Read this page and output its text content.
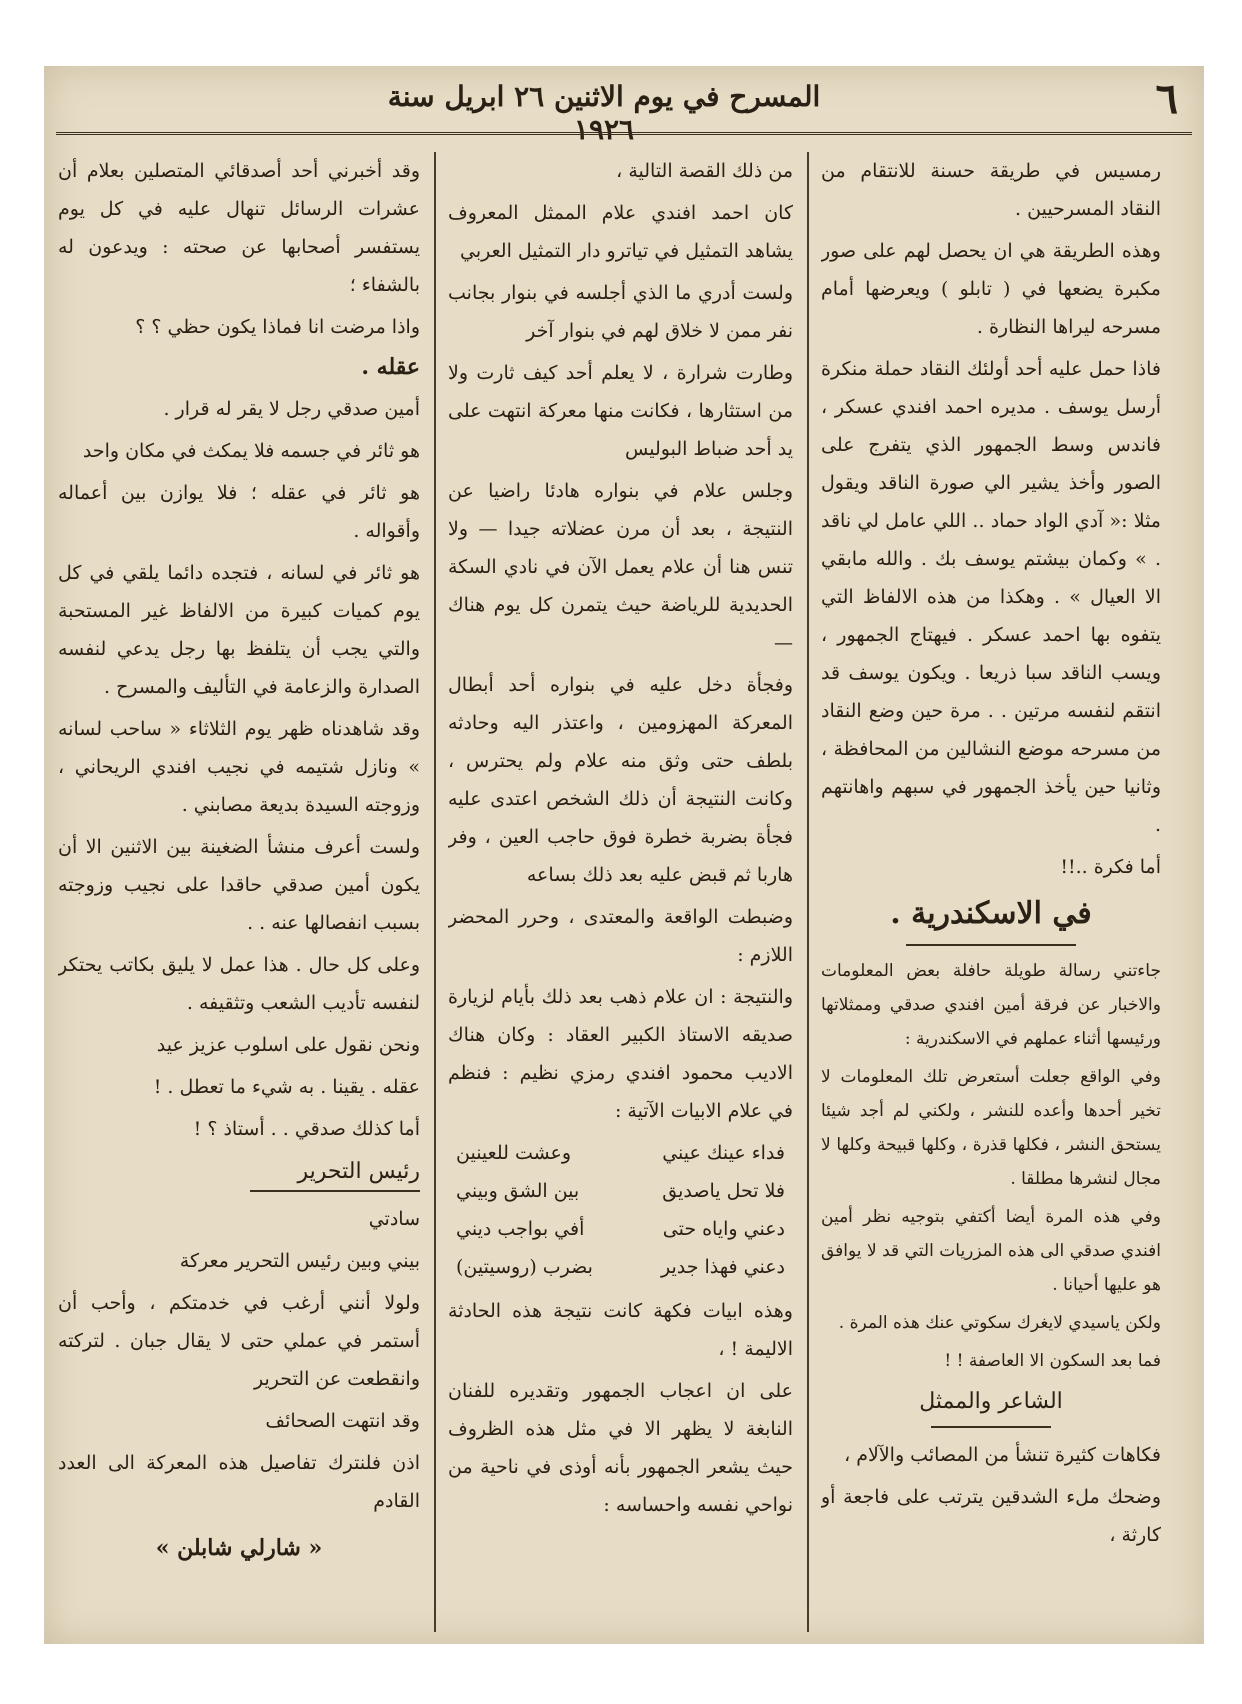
٦
المسرح في يوم الاثنين ٢٦ ابريل سنة ١٩٢٦

رمسيس في طريقة حسنة للانتقام من النقاد المسرحيين .

وهذه الطريقة هي ان يحصل لهم على صور مكبرة يضعها في ( تابلو ) ويعرضها أمام مسرحه ليراها النظارة .

فاذا حمل عليه أحد أولئك النقاد حملة منكرة أرسل يوسف . مديره احمد افندي عسكر ، فاندس وسط الجمهور الذي يتفرج على الصور وأخذ يشير الي صورة الناقد ويقول مثلا :« آدي الواد حماد .. اللي عامل لي ناقد . » وكمان بيشتم يوسف بك . والله مابقي الا العيال » . وهكذا من هذه الالفاظ التي يتفوه بها احمد عسكر . فيهتاج الجمهور ، ويسب الناقد سبا ذريعا . ويكون يوسف قد انتقم لنفسه مرتين . . مرة حين وضع النقاد من مسرحه موضع النشالين من المحافظة ، وثانيا حين يأخذ الجمهور في سبهم واهانتهم .

أما فكرة ..!!

في الاسكندرية .

جاءتني رسالة طويلة حافلة بعض المعلومات والاخبار عن فرقة أمين افندي صدقي وممثلاتها ورئيسها أثناء عملهم في الاسكندرية :

وفي الواقع جعلت أستعرض تلك المعلومات لا تخير أحدها وأعده للنشر ، ولكني لم أجد شيئا يستحق النشر ، فكلها قذرة ، وكلها قبيحة وكلها لا مجال لنشرها مطلقا .

وفي هذه المرة أيضا أكتفي بتوجيه نظر أمين افندي صدقي الى هذه المزريات التي قد لا يوافق هو عليها أحيانا .

ولكن ياسيدي لايغرك سكوتي عنك هذه المرة .

فما بعد السكون الا العاصفة ! !

الشاعر والممثل

فكاهات كثيرة تنشأ من المصائب والآلام ،

وضحك ملء الشدقين يترتب على فاجعة أو كارثة ،

من ذلك القصة التالية ،

كان احمد افندي علام الممثل المعروف يشاهد التمثيل في تياترو دار التمثيل العربي

ولست أدري ما الذي أجلسه في بنوار بجانب نفر ممن لا خلاق لهم في بنوار آخر

وطارت شرارة ، لا يعلم أحد كيف ثارت ولا من استثارها ، فكانت منها معركة انتهت على يد أحد ضباط البوليس

وجلس علام في بنواره هادئا راضيا عن النتيجة ، بعد أن مرن عضلاته جيدا — ولا تنس هنا أن علام يعمل الآن في نادي السكة الحديدية للرياضة حيث يتمرن كل يوم هناك —

وفجأة دخل عليه في بنواره أحد أبطال المعركة المهزومين ، واعتذر اليه وحادثه بلطف حتى وثق منه علام ولم يحترس ، وكانت النتيجة أن ذلك الشخص اعتدى عليه فجأة بضربة خطرة فوق حاجب العين ، وفر هاربا ثم قبض عليه بعد ذلك بساعه

وضبطت الواقعة والمعتدى ، وحرر المحضر اللازم :

والنتيجة : ان علام ذهب بعد ذلك بأيام لزيارة صديقه الاستاذ الكبير العقاد : وكان هناك الاديب محمود افندي رمزي نظيم : فنظم في علام الابيات الآتية :

فداء عينك عيني
وعشت للعينين
فلا تحل ياصديق
بين الشق وبيني
دعني واياه حتى
أفي بواجب ديني
دعني فهذا جدير
بضرب (روسيتين)

وهذه ابيات فكهة كانت نتيجة هذه الحادثة الاليمة ! ،

على ان اعجاب الجمهور وتقديره للفنان النابغة لا يظهر الا في مثل هذه الظروف حيث يشعر الجمهور بأنه أوذى في ناحية من نواحي نفسه واحساسه :

وقد أخبرني أحد أصدقائي المتصلين بعلام أن عشرات الرسائل تنهال عليه في كل يوم يستفسر أصحابها عن صحته : ويدعون له بالشفاء ؛

واذا مرضت انا فماذا يكون حظي ؟ ؟

عقله .

أمين صدقي رجل لا يقر له قرار .

هو ثائر في جسمه فلا يمكث في مكان واحد

هو ثائر في عقله ؛ فلا يوازن بين أعماله وأقواله .

هو ثائر في لسانه ، فتجده دائما يلقي في كل يوم كميات كبيرة من الالفاظ غير المستحبة والتي يجب أن يتلفظ بها رجل يدعي لنفسه الصدارة والزعامة في التأليف والمسرح .

وقد شاهدناه ظهر يوم الثلاثاء « ساحب لسانه » ونازل شتيمه في نجيب افندي الريحاني ، وزوجته السيدة بديعة مصابني .

ولست أعرف منشأ الضغينة بين الاثنين الا أن يكون أمين صدقي حاقدا على نجيب وزوجته بسبب انفصالها عنه . .

وعلى كل حال . هذا عمل لا يليق بكاتب يحتكر لنفسه تأديب الشعب وتثقيفه .

ونحن نقول على اسلوب عزيز عيد

عقله . يقينا . به شيء ما تعطل . !

أما كذلك صدقي . . أستاذ ؟ !

رئيس التحرير

سادتي

بيني وبين رئيس التحرير معركة

ولولا أنني أرغب في خدمتكم ، وأحب أن أستمر في عملي حتى لا يقال جبان . لتركته وانقطعت عن التحرير

وقد انتهت الصحائف

اذن فلنترك تفاصيل هذه المعركة الى العدد القادم

« شارلي شابلن »
